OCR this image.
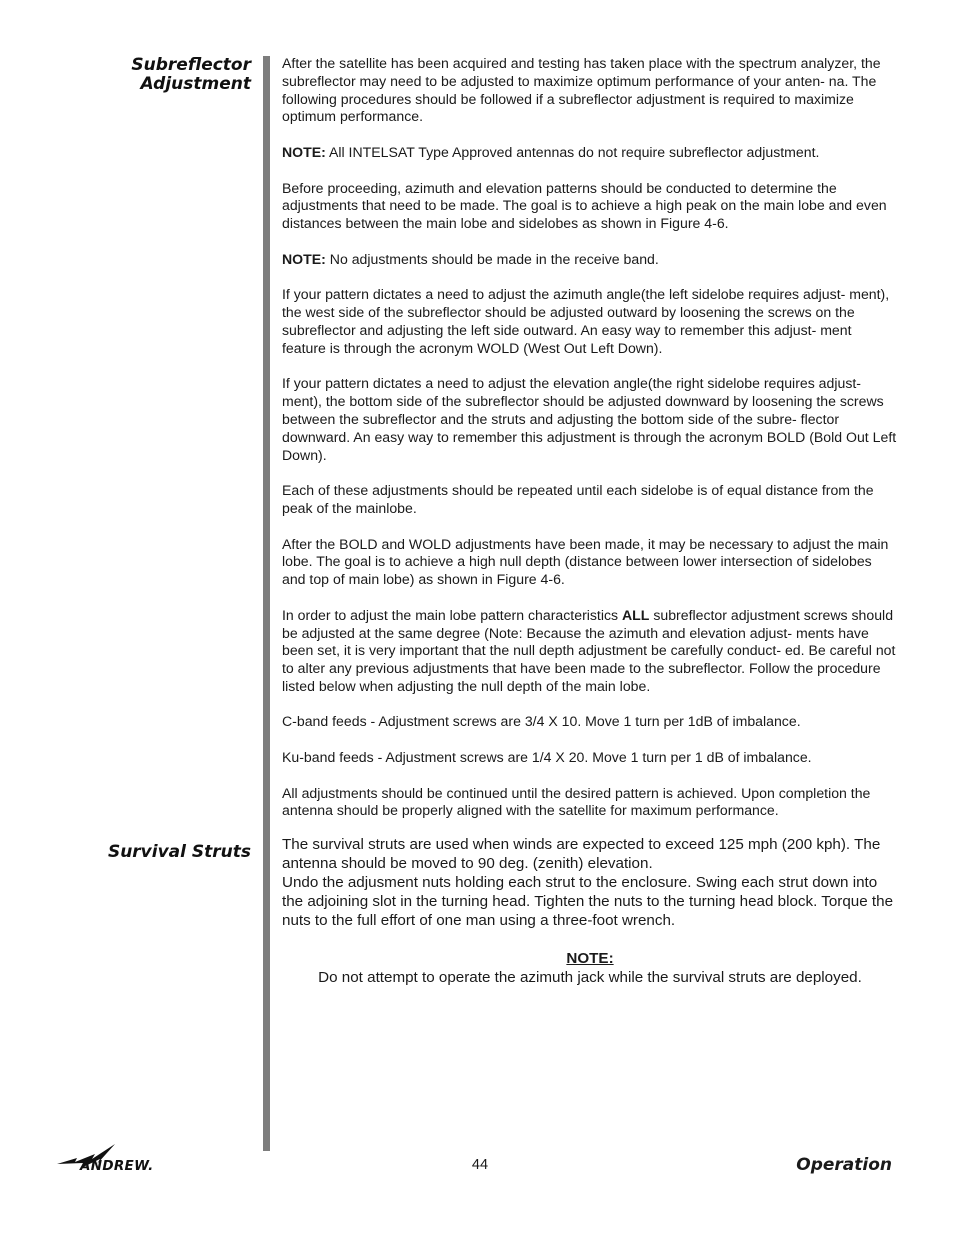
Subreflector
Adjustment
Survival Struts

After the satellite has been acquired and testing has taken place with the spectrum analyzer, the subreflector may need to be adjusted to maximize optimum performance of your anten- na. The following procedures should be followed if a subreflector adjustment is required to maximize optimum performance.

NOTE: All INTELSAT Type Approved antennas do not require subreflector adjustment.

Before proceeding, azimuth and elevation patterns should be conducted to determine the adjustments that need to be made. The goal is to achieve a high peak on the main lobe and even distances between the main lobe and sidelobes as shown in Figure 4-6.

NOTE: No adjustments should be made in the receive band.

If your pattern dictates a need to adjust the azimuth angle(the left sidelobe requires adjust- ment), the west side of the subreflector should be adjusted outward by loosening the screws on the subreflector and adjusting the left side outward. An easy way to remember this adjust- ment feature is through the acronym WOLD (West Out Left Down).

If your pattern dictates a need to adjust the elevation angle(the right sidelobe requires adjust- ment), the bottom side of the subreflector should be adjusted downward by loosening the screws between the subreflector and the struts and adjusting the bottom side of the subre- flector downward. An easy way to remember this adjustment is through the acronym BOLD (Bold Out Left Down).

Each of these adjustments should be repeated until each sidelobe is of equal distance from the peak of the mainlobe.

After the BOLD and WOLD adjustments have been made, it may be necessary to adjust the main lobe. The goal is to achieve a high null depth (distance between lower intersection of sidelobes and top of main lobe) as shown in Figure 4-6.

In order to adjust the main lobe pattern characteristics ALL subreflector adjustment screws should be adjusted at the same degree (Note: Because the azimuth and elevation adjust- ments have been set, it is very important that the null depth adjustment be carefully conduct- ed. Be careful not to alter any previous adjustments that have been made to the subreflector. Follow the procedure listed below when adjusting the null depth of the main lobe.

C-band feeds - Adjustment screws are 3/4 X 10. Move 1 turn per 1dB of imbalance.

Ku-band feeds - Adjustment screws are 1/4 X 20. Move 1 turn per 1 dB of imbalance.

All adjustments should be continued until the desired pattern is achieved. Upon completion the antenna should be properly aligned with the satellite for maximum performance.

The survival struts are used when winds are expected to exceed 125 mph (200 kph). The antenna should be moved to 90 deg. (zenith) elevation.

Undo the adjusment nuts holding each strut to the enclosure. Swing each strut down into the adjoining slot in the turning head. Tighten the nuts to the turning head block. Torque the nuts to the full effort of one man using a three-foot wrench.

NOTE:

Do not attempt to operate the azimuth jack while the survival struts are deployed.

ANDREW.	44	Operation
